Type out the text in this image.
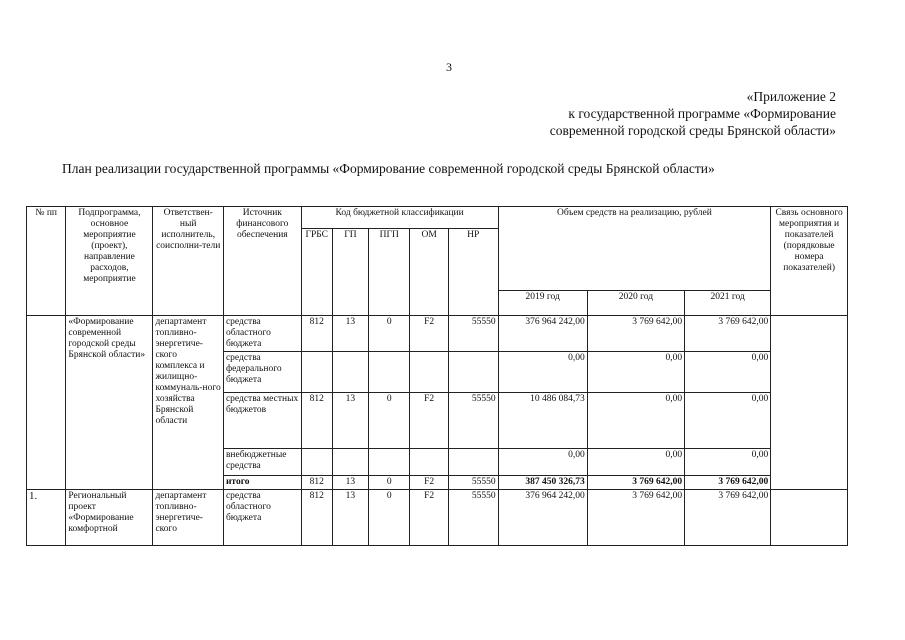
3
«Приложение 2
к государственной программе «Формирование
современной городской среды Брянской области»
План реализации государственной программы «Формирование современной городской среды Брянской области»
№ пп	Подпрограмма, основное мероприятие (проект), направление расходов, мероприятие	Ответствен-ный исполнитель, соисполни-тели	Источник финансового обеспечения	Код бюджетной классификации					Объем средств на реализацию, рублей			Связь основного мероприятия и показателей (порядковые номера показателей)
				ГРБС	ГП	ПГП	ОМ	НР				
									2019 год	2020 год	2021 год	
	«Формирование современной городской среды Брянской области»	департамент топливно-энергетиче-ского комплекса и жилищно-коммуналь-ного хозяйства Брянской области	средства областного бюджета	812	13	0	F2	55550	376 964 242,00	3 769 642,00	3 769 642,00	
			средства федерального бюджета						0,00	0,00	0,00	
			средства местных бюджетов	812	13	0	F2	55550	10 486 084,73	0,00	0,00	
			внебюджетные средства						0,00	0,00	0,00	
			итого	812	13	0	F2	55550	387 450 326,73	3 769 642,00	3 769 642,00	
1.	Региональный проект «Формирование комфортной	департамент топливно-энергетиче-ского	средства областного бюджета	812	13	0	F2	55550	376 964 242,00	3 769 642,00	3 769 642,00	
